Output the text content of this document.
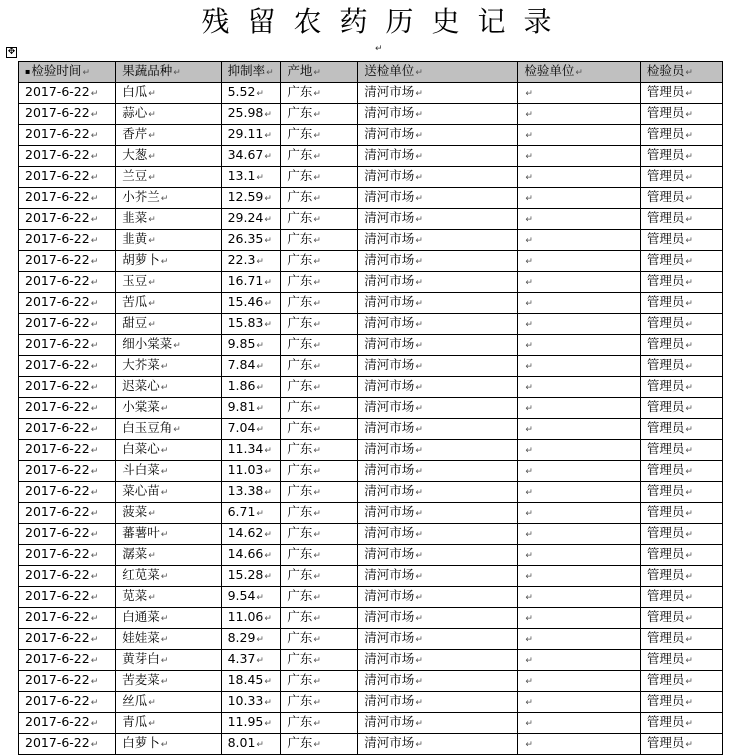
残留农药历史记录
✥	↵
▪检验时间↵	果蔬品种↵	抑制率↵	产地↵	送检单位↵	检验单位↵	检验员↵
2017-6-22↵	白瓜↵	5.52↵	广东↵	清河市场↵	↵	管理员↵
2017-6-22↵	蒜心↵	25.98↵	广东↵	清河市场↵	↵	管理员↵
2017-6-22↵	香芹↵	29.11↵	广东↵	清河市场↵	↵	管理员↵
2017-6-22↵	大葱↵	34.67↵	广东↵	清河市场↵	↵	管理员↵
2017-6-22↵	兰豆↵	13.1↵	广东↵	清河市场↵	↵	管理员↵
2017-6-22↵	小芥兰↵	12.59↵	广东↵	清河市场↵	↵	管理员↵
2017-6-22↵	韭菜↵	29.24↵	广东↵	清河市场↵	↵	管理员↵
2017-6-22↵	韭黄↵	26.35↵	广东↵	清河市场↵	↵	管理员↵
2017-6-22↵	胡萝卜↵	22.3↵	广东↵	清河市场↵	↵	管理员↵
2017-6-22↵	玉豆↵	16.71↵	广东↵	清河市场↵	↵	管理员↵
2017-6-22↵	苦瓜↵	15.46↵	广东↵	清河市场↵	↵	管理员↵
2017-6-22↵	甜豆↵	15.83↵	广东↵	清河市场↵	↵	管理员↵
2017-6-22↵	细小棠菜↵	9.85↵	广东↵	清河市场↵	↵	管理员↵
2017-6-22↵	大芥菜↵	7.84↵	广东↵	清河市场↵	↵	管理员↵
2017-6-22↵	迟菜心↵	1.86↵	广东↵	清河市场↵	↵	管理员↵
2017-6-22↵	小棠菜↵	9.81↵	广东↵	清河市场↵	↵	管理员↵
2017-6-22↵	白玉豆角↵	7.04↵	广东↵	清河市场↵	↵	管理员↵
2017-6-22↵	白菜心↵	11.34↵	广东↵	清河市场↵	↵	管理员↵
2017-6-22↵	斗白菜↵	11.03↵	广东↵	清河市场↵	↵	管理员↵
2017-6-22↵	菜心苗↵	13.38↵	广东↵	清河市场↵	↵	管理员↵
2017-6-22↵	菠菜↵	6.71↵	广东↵	清河市场↵	↵	管理员↵
2017-6-22↵	蕃薯叶↵	14.62↵	广东↵	清河市场↵	↵	管理员↵
2017-6-22↵	潺菜↵	14.66↵	广东↵	清河市场↵	↵	管理员↵
2017-6-22↵	红苋菜↵	15.28↵	广东↵	清河市场↵	↵	管理员↵
2017-6-22↵	苋菜↵	9.54↵	广东↵	清河市场↵	↵	管理员↵
2017-6-22↵	白通菜↵	11.06↵	广东↵	清河市场↵	↵	管理员↵
2017-6-22↵	娃娃菜↵	8.29↵	广东↵	清河市场↵	↵	管理员↵
2017-6-22↵	黄芽白↵	4.37↵	广东↵	清河市场↵	↵	管理员↵
2017-6-22↵	苦麦菜↵	18.45↵	广东↵	清河市场↵	↵	管理员↵
2017-6-22↵	丝瓜↵	10.33↵	广东↵	清河市场↵	↵	管理员↵
2017-6-22↵	青瓜↵	11.95↵	广东↵	清河市场↵	↵	管理员↵
2017-6-22↵	白萝卜↵	8.01↵	广东↵	清河市场↵	↵	管理员↵
